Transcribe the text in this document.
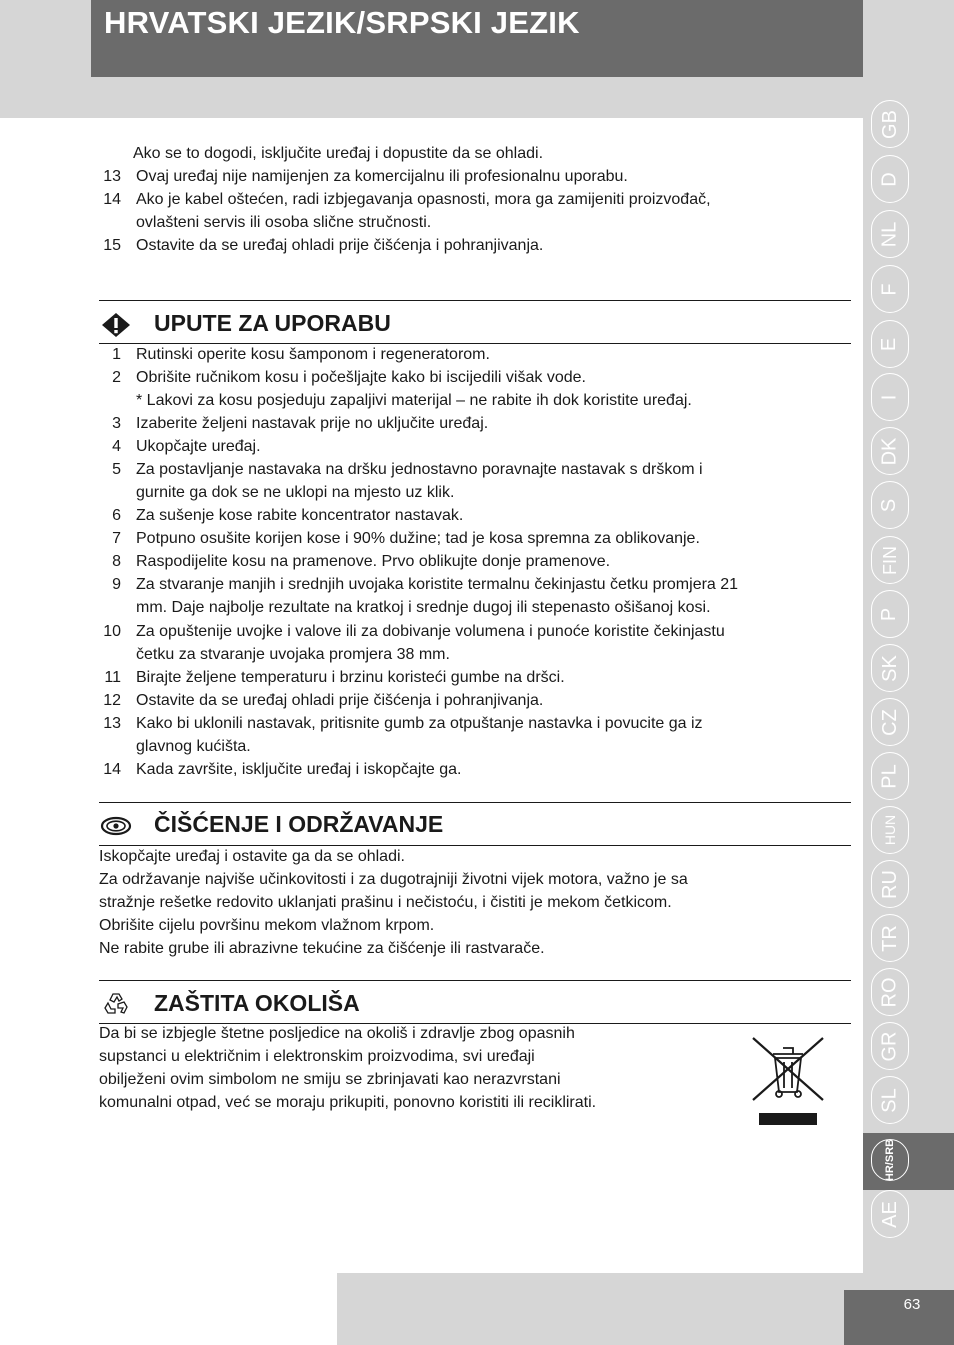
HRVATSKI JEZIK/SRPSKI JEZIK
Ako se to dogodi, isključite uređaj i dopustite da se ohladi.
13 Ovaj uređaj nije namijenjen za komercijalnu ili profesionalnu uporabu.
14 Ako je kabel oštećen, radi izbjegavanja opasnosti, mora ga zamijeniti proizvođač,
ovlašteni servis ili osoba slične stručnosti.
15 Ostavite da se uređaj ohladi prije čišćenja i pohranjivanja.
UPUTE ZA UPORABU
1 Rutinski operite kosu šamponom i regeneratorom.
2 Obrišite ručnikom kosu i počešljajte kako bi iscijedili višak vode.
* Lakovi za kosu posjeduju zapaljivi materijal – ne rabite ih dok koristite uređaj.
3 Izaberite željeni nastavak prije no uključite uređaj.
4 Ukopčajte uređaj.
5 Za postavljanje nastavaka na dršku jednostavno poravnajte nastavak s drškom i
gurnite ga dok se ne uklopi na mjesto uz klik.
6 Za sušenje kose rabite koncentrator nastavak.
7 Potpuno osušite korijen kose i 90% dužine; tad je kosa spremna za oblikovanje.
8 Raspodijelite kosu na pramenove. Prvo oblikujte donje pramenove.
9 Za stvaranje manjih i srednjih uvojaka koristite termalnu čekinjastu četku promjera 21
mm. Daje najbolje rezultate na kratkoj i srednje dugoj ili stepenasto ošišanoj kosi.
10 Za opuštenije uvojke i valove ili za dobivanje volumena i punoće koristite čekinjastu
četku za stvaranje uvojaka promjera 38 mm.
11 Birajte željene temperaturu i brzinu koristeći gumbe na dršci.
12 Ostavite da se uređaj ohladi prije čišćenja i pohranjivanja.
13 Kako bi uklonili nastavak, pritisnite gumb za otpuštanje nastavka i povucite ga iz
glavnog kućišta.
14 Kada završite, isključite uređaj i iskopčajte ga.
ČIŠĆENJE I ODRŽAVANJE
Iskopčajte uređaj i ostavite ga da se ohladi.
Za održavanje najviše učinkovitosti i za dugotrajniji životni vijek motora, važno je sa
stražnje rešetke redovito uklanjati prašinu i nečistoću, i čistiti je mekom četkicom.
Obrišite cijelu površinu mekom vlažnom krpom.
Ne rabite grube ili abrazivne tekućine za čišćenje ili rastvarače.
ZAŠTITA OKOLIŠA
Da bi se izbjegle štetne posljedice na okoliš i zdravlje zbog opasnih
supstanci u električnim i elektronskim proizvodima, svi uređaji
obilježeni ovim simbolom ne smiju se zbrinjavati kao nerazvrstani
komunalni otpad, već se moraju prikupiti, ponovno koristiti ili reciklirati.
GB
D
NL
F
E
I
DK
S
FIN
P
SK
CZ
PL
HUN
RU
TR
RO
GR
SL
HR/SRB
AE
63
